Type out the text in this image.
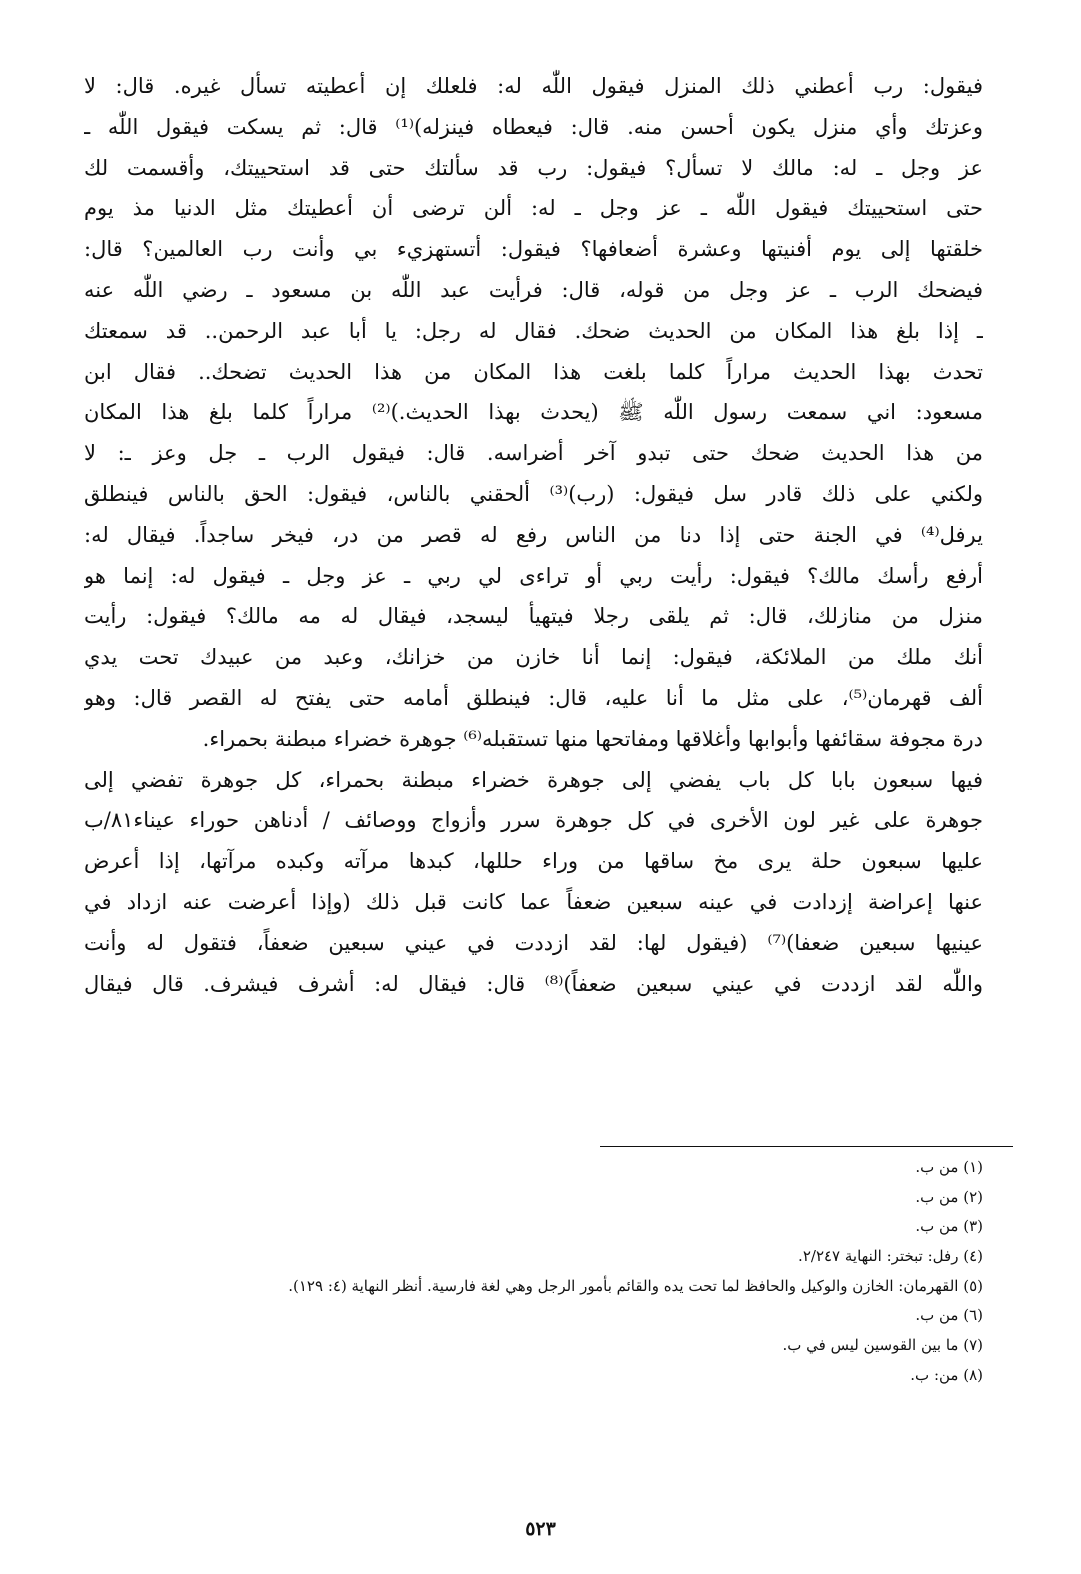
فيقول: رب أعطني ذلك المنزل فيقول اللّٰه له: فلعلك إن أعطيته تسأل غيره. قال: لا
وعزتك وأي منزل يكون أحسن منه. قال: فيعطاه فينزله)⁽¹⁾ قال: ثم يسكت فيقول اللّٰه ـ
عز وجل ـ له: مالك لا تسأل؟ فيقول: رب قد سألتك حتى قد استحييتك، وأقسمت لك
حتى استحييتك فيقول اللّٰه ـ عز وجل ـ له: ألن ترضى أن أعطيتك مثل الدنيا مذ يوم
خلقتها إلى يوم أفنيتها وعشرة أضعافها؟ فيقول: أتستهزيء بي وأنت رب العالمين؟ قال:
فيضحك الرب ـ عز وجل من قوله، قال: فرأيت عبد اللّٰه بن مسعود ـ رضي اللّٰه عنه
ـ إذا بلغ هذا المكان من الحديث ضحك. فقال له رجل: يا أبا عبد الرحمن.. قد سمعتك
تحدث بهذا الحديث مراراً كلما بلغت هذا المكان من هذا الحديث تضحك.. فقال ابن
مسعود: اني سمعت رسول اللّٰه ﷺ (يحدث بهذا الحديث.)⁽²⁾ مراراً كلما بلغ هذا المكان
من هذا الحديث ضحك حتى تبدو آخر أضراسه. قال: فيقول الرب ـ جل وعز ـ: لا
ولكني على ذلك قادر سل فيقول: (رب)⁽³⁾ ألحقني بالناس، فيقول: الحق بالناس فينطلق
يرفل⁽⁴⁾ في الجنة حتى إذا دنا من الناس رفع له قصر من در، فيخر ساجداً. فيقال له:
أرفع رأسك مالك؟ فيقول: رأيت ربي أو تراءى لي ربي ـ عز وجل ـ فيقول له: إنما هو
منزل من منازلك، قال: ثم يلقى رجلا فيتهيأ ليسجد، فيقال له مه مالك؟ فيقول: رأيت
أنك ملك من الملائكة، فيقول: إنما أنا خازن من خزانك، وعبد من عبيدك تحت يدي
ألف قهرمان⁽⁵⁾، على مثل ما أنا عليه، قال: فينطلق أمامه حتى يفتح له القصر قال: وهو
درة مجوفة سقائفها وأبوابها وأغلاقها ومفاتحها منها تستقبله⁽⁶⁾ جوهرة خضراء مبطنة بحمراء.
فيها سبعون بابا كل باب يفضي إلى جوهرة خضراء مبطنة بحمراء، كل جوهرة تفضي إلى
جوهرة على غير لون الأخرى في كل جوهرة سرر وأزواج ووصائف / أدناهن حوراء عيناء٨١/ب
عليها سبعون حلة يرى مخ ساقها من وراء حللها، كبدها مرآته وكبده مرآتها، إذا أعرض
عنها إعراضة إزدادت في عينه سبعين ضعفاً عما كانت قبل ذلك (وإذا أعرضت عنه ازداد في
عينيها سبعين ضعفا)⁽⁷⁾ (فيقول لها: لقد ازددت في عيني سبعين ضعفاً، فتقول له وأنت
واللّٰه لقد ازددت في عيني سبعين ضعفاً)⁽⁸⁾ قال: فيقال له: أشرف فيشرف. قال فيقال
(١) من ب.
(٢) من ب.
(٣) من ب.
(٤) رفل: تبختر: النهاية ٢/٢٤٧.
(٥) القهرمان: الخازن والوكيل والحافظ لما تحت يده والقائم بأمور الرجل وهي لغة فارسية. أنظر النهاية (٤: ١٢٩).
(٦) من ب.
(٧) ما بين القوسين ليس في ب.
(٨) من: ب.
٥٢٣
